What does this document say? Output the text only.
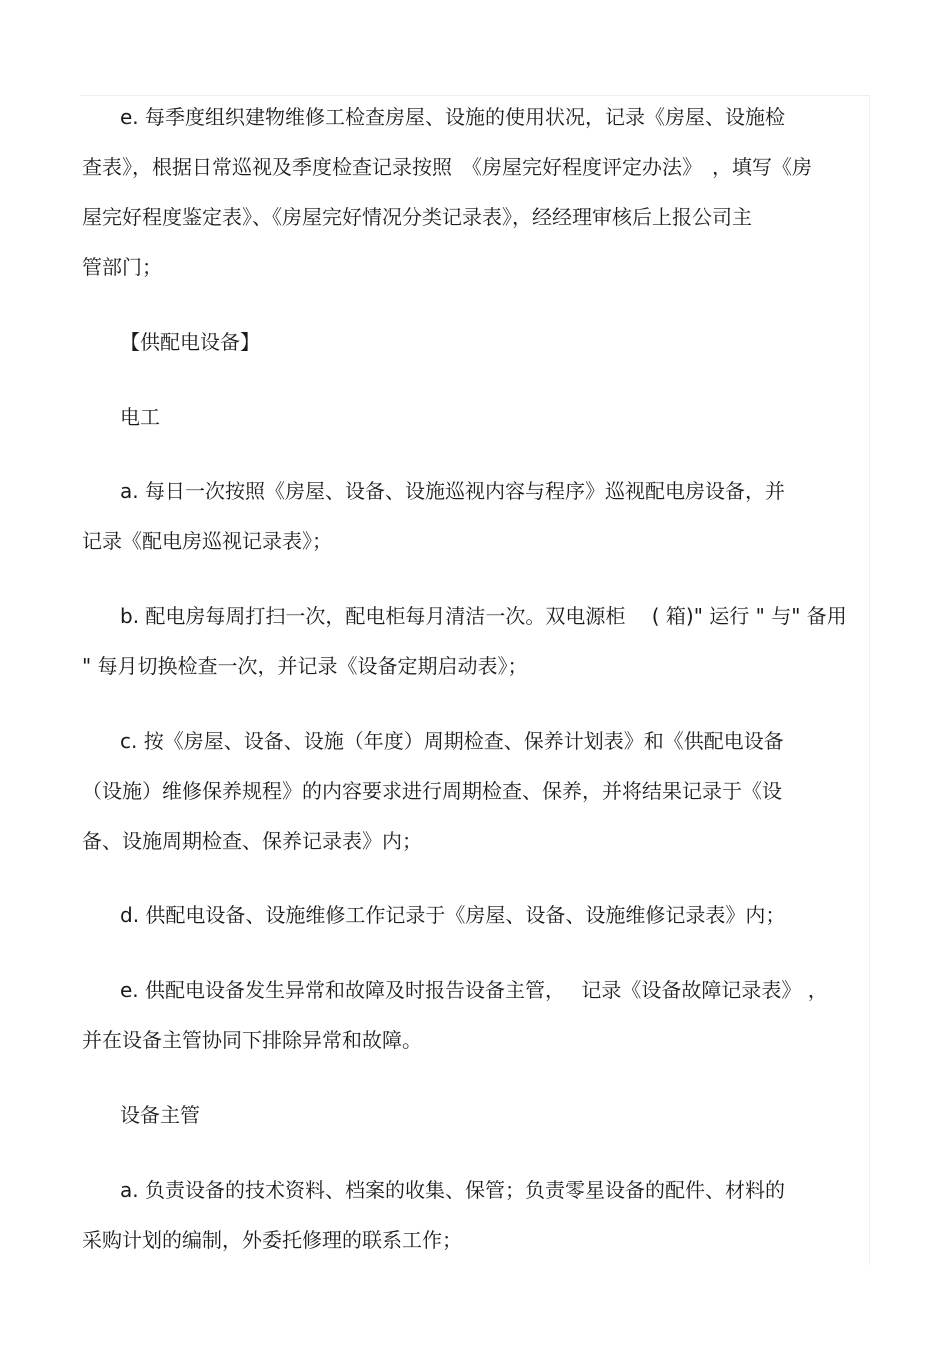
e. 每季度组织建物维修工检查房屋、设施的使用状况，记录《房屋、设施检
查表》，根据日常巡视及季度检查记录按照　《房屋完好程度评定办法》　，填写《房
屋完好程度鉴定表》、《房屋完好情况分类记录表》，经经理审核后上报公司主
管部门；
【供配电设备】
电工
a. 每日一次按照《房屋、设备、设施巡视内容与程序》巡视配电房设备，并
记录《配电房巡视记录表》；
b. 配电房每周打扫一次，配电柜每月清洁一次。双电源柜　 ( 箱)" 运行 " 与" 备用
" 每月切换检查一次，并记录《设备定期启动表》；
c. 按《房屋、设备、设施（年度）周期检查、保养计划表》和《供配电设备
（设施）维修保养规程》的内容要求进行周期检查、保养，并将结果记录于《设
备、设施周期检查、保养记录表》内；
d. 供配电设备、设施维修工作记录于《房屋、设备、设施维修记录表》内；
e. 供配电设备发生异常和故障及时报告设备主管，　 记录《设备故障记录表》 ，
并在设备主管协同下排除异常和故障。
设备主管
a. 负责设备的技术资料、档案的收集、保管；负责零星设备的配件、材料的
采购计划的编制，外委托修理的联系工作；
